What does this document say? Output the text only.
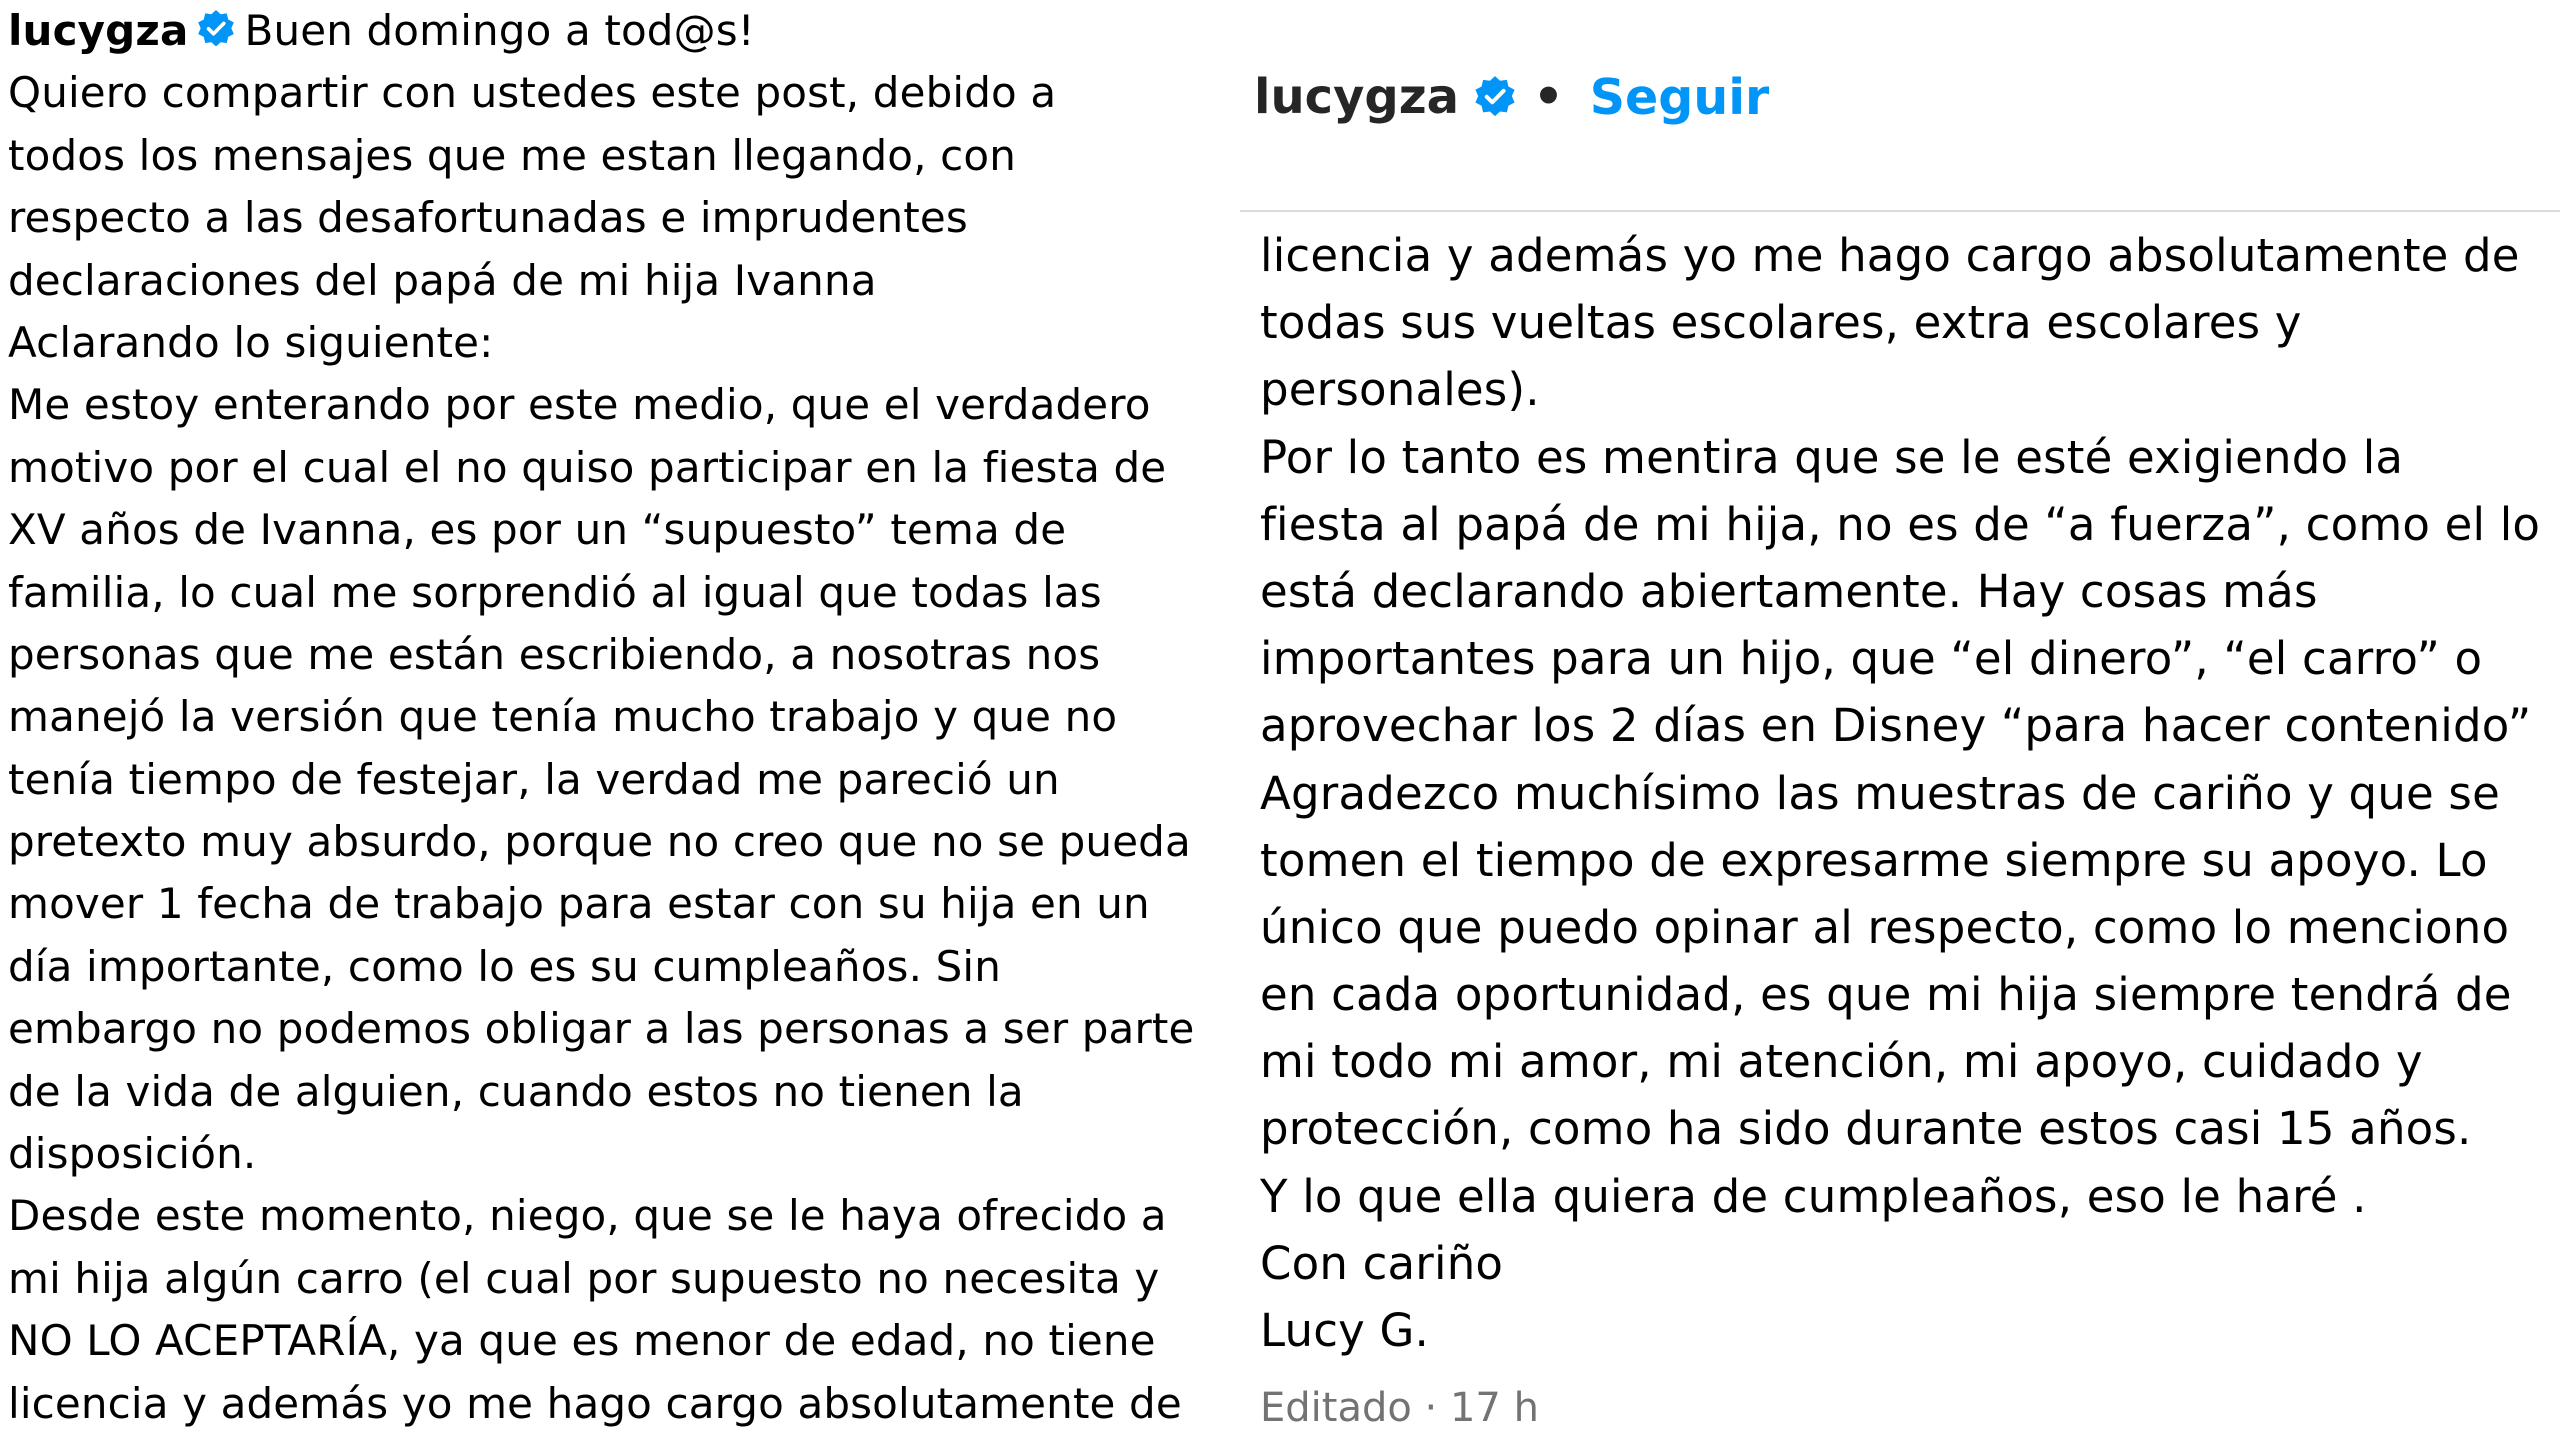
lucygza Buen domingo a tod@s!
Quiero compartir con ustedes este post, debido a
todos los mensajes que me estan llegando, con
respecto a las desafortunadas e imprudentes
declaraciones del papá de mi hija Ivanna
Aclarando lo siguiente:
Me estoy enterando por este medio, que el verdadero
motivo por el cual el no quiso participar en la fiesta de
XV años de Ivanna, es por un “supuesto” tema de
familia, lo cual me sorprendió al igual que todas las
personas que me están escribiendo, a nosotras nos
manejó la versión que tenía mucho trabajo y que no
tenía tiempo de festejar, la verdad me pareció un
pretexto muy absurdo, porque no creo que no se pueda
mover 1 fecha de trabajo para estar con su hija en un
día importante, como lo es su cumpleaños. Sin
embargo no podemos obligar a las personas a ser parte
de la vida de alguien, cuando estos no tienen la
disposición.
Desde este momento, niego, que se le haya ofrecido a
mi hija algún carro (el cual por supuesto no necesita y
NO LO ACEPTARÍA, ya que es menor de edad, no tiene
licencia y además yo me hago cargo absolutamente de
lucygza • Seguir
licencia y además yo me hago cargo absolutamente de
todas sus vueltas escolares, extra escolares y
personales).
Por lo tanto es mentira que se le esté exigiendo la
fiesta al papá de mi hija, no es de “a fuerza”, como el lo
está declarando abiertamente. Hay cosas más
importantes para un hijo, que “el dinero”, “el carro” o
aprovechar los 2 días en Disney “para hacer contenido”
Agradezco muchísimo las muestras de cariño y que se
tomen el tiempo de expresarme siempre su apoyo. Lo
único que puedo opinar al respecto, como lo menciono
en cada oportunidad, es que mi hija siempre tendrá de
mi todo mi amor, mi atención, mi apoyo, cuidado y
protección, como ha sido durante estos casi 15 años.
Y lo que ella quiera de cumpleaños, eso le haré .
Con cariño
Lucy G.
Editado · 17 h
